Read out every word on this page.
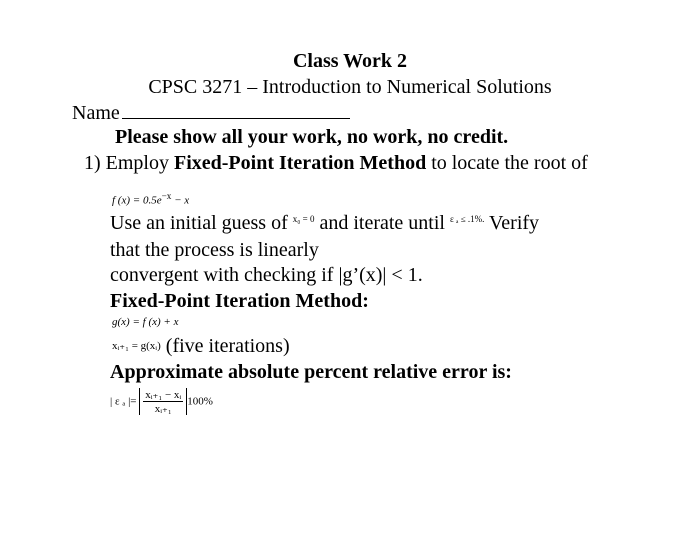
Class Work 2
CPSC 3271 – Introduction to Numerical Solutions
Name
Please show all your work, no work, no credit.
1) Employ Fixed-Point Iteration Method to locate the root of
f $(x) = 0.5e^{-x} - x$
Use an initial guess of $^{x_0 = 0}$ and iterate until $^{\varepsilon _a \le .1\%.}$ Verify
that the process is linearly
convergent with checking if |g’(x)| < 1.
Fixed-Point Iteration Method:
g(x) = f (x) + x
xᵢ₊₁ = g(xᵢ) (five iterations)
Approximate absolute percent relative error is:
| ε ₐ |= $\frac{\text{xᵢ₊₁ − xᵢ}}{\text{xᵢ₊₁}} 100\%$
